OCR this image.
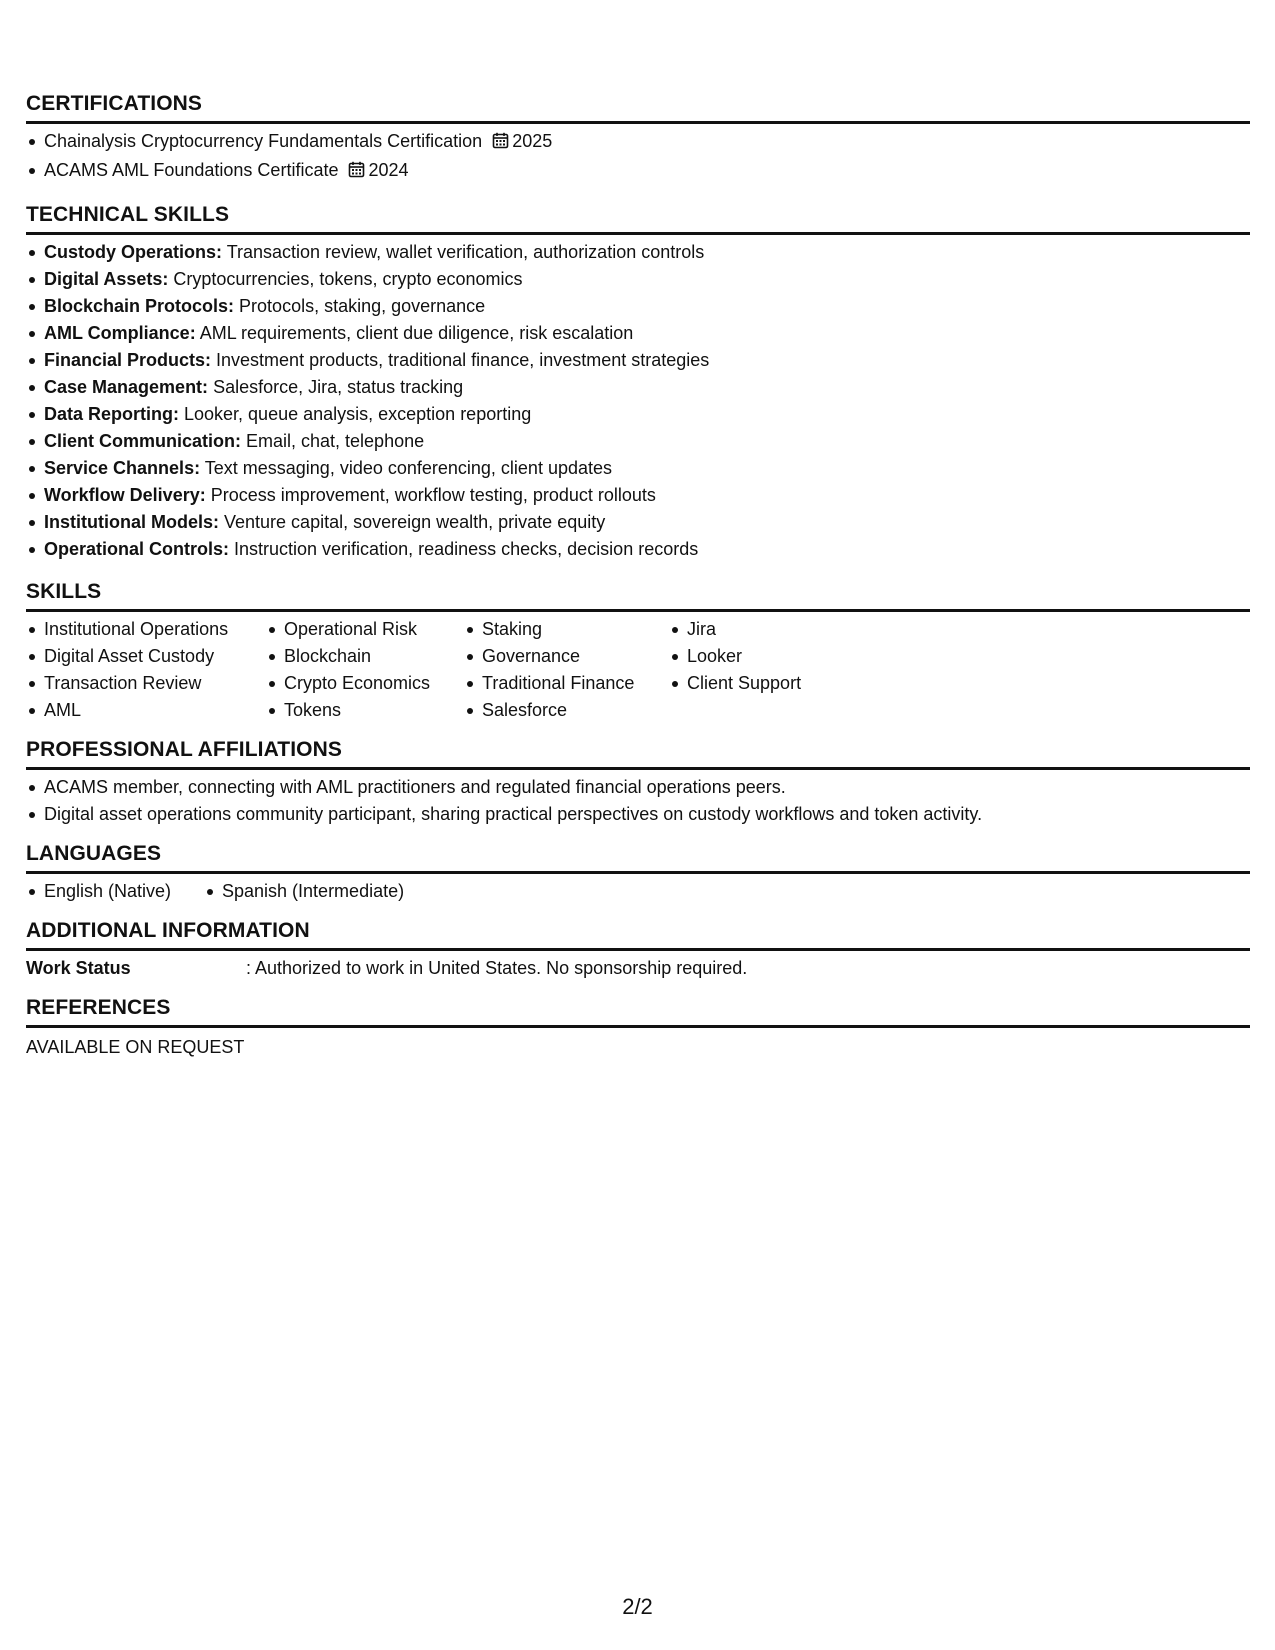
CERTIFICATIONS
Chainalysis Cryptocurrency Fundamentals Certification 2025
ACAMS AML Foundations Certificate 2024
TECHNICAL SKILLS
Custody Operations: Transaction review, wallet verification, authorization controls
Digital Assets: Cryptocurrencies, tokens, crypto economics
Blockchain Protocols: Protocols, staking, governance
AML Compliance: AML requirements, client due diligence, risk escalation
Financial Products: Investment products, traditional finance, investment strategies
Case Management: Salesforce, Jira, status tracking
Data Reporting: Looker, queue analysis, exception reporting
Client Communication: Email, chat, telephone
Service Channels: Text messaging, video conferencing, client updates
Workflow Delivery: Process improvement, workflow testing, product rollouts
Institutional Models: Venture capital, sovereign wealth, private equity
Operational Controls: Instruction verification, readiness checks, decision records
SKILLS
Institutional Operations
Digital Asset Custody
Transaction Review
AML
Operational Risk
Blockchain
Crypto Economics
Tokens
Staking
Governance
Traditional Finance
Salesforce
Jira
Looker
Client Support
PROFESSIONAL AFFILIATIONS
ACAMS member, connecting with AML practitioners and regulated financial operations peers.
Digital asset operations community participant, sharing practical perspectives on custody workflows and token activity.
LANGUAGES
English (Native)	Spanish (Intermediate)
ADDITIONAL INFORMATION
Work Status	: Authorized to work in United States. No sponsorship required.
REFERENCES
AVAILABLE ON REQUEST
2/2
